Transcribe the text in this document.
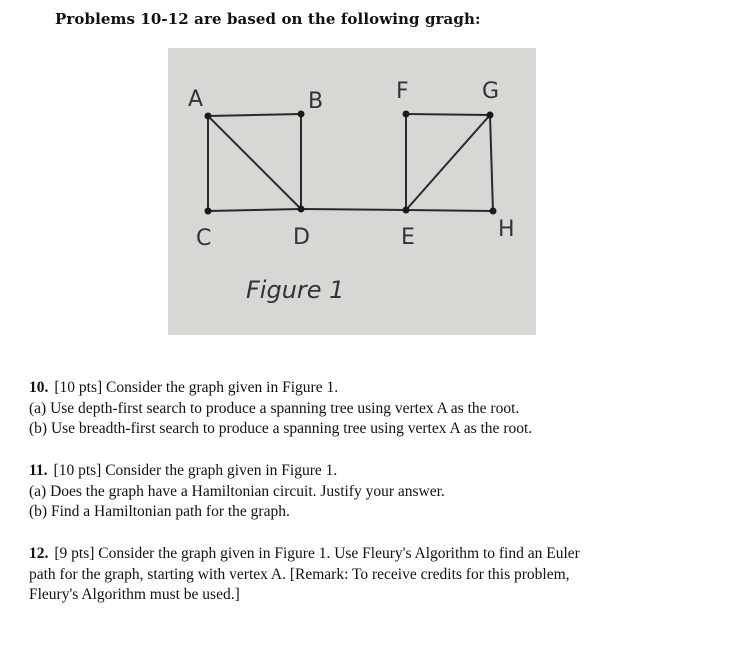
Problems 10-12 are based on the following gragh:
A	B	F	G
C	D	E	H
Figure 1
10. [10 pts] Consider the graph given in Figure 1.
(a) Use depth-first search to produce a spanning tree using vertex A as the root.
(b) Use breadth-first search to produce a spanning tree using vertex A as the root.
11. [10 pts] Consider the graph given in Figure 1.
(a) Does the graph have a Hamiltonian circuit. Justify your answer.
(b) Find a Hamiltonian path for the graph.
12. [9 pts] Consider the graph given in Figure 1. Use Fleury's Algorithm to find an Euler
path for the graph, starting with vertex A. [Remark: To receive credits for this problem,
Fleury's Algorithm must be used.]
